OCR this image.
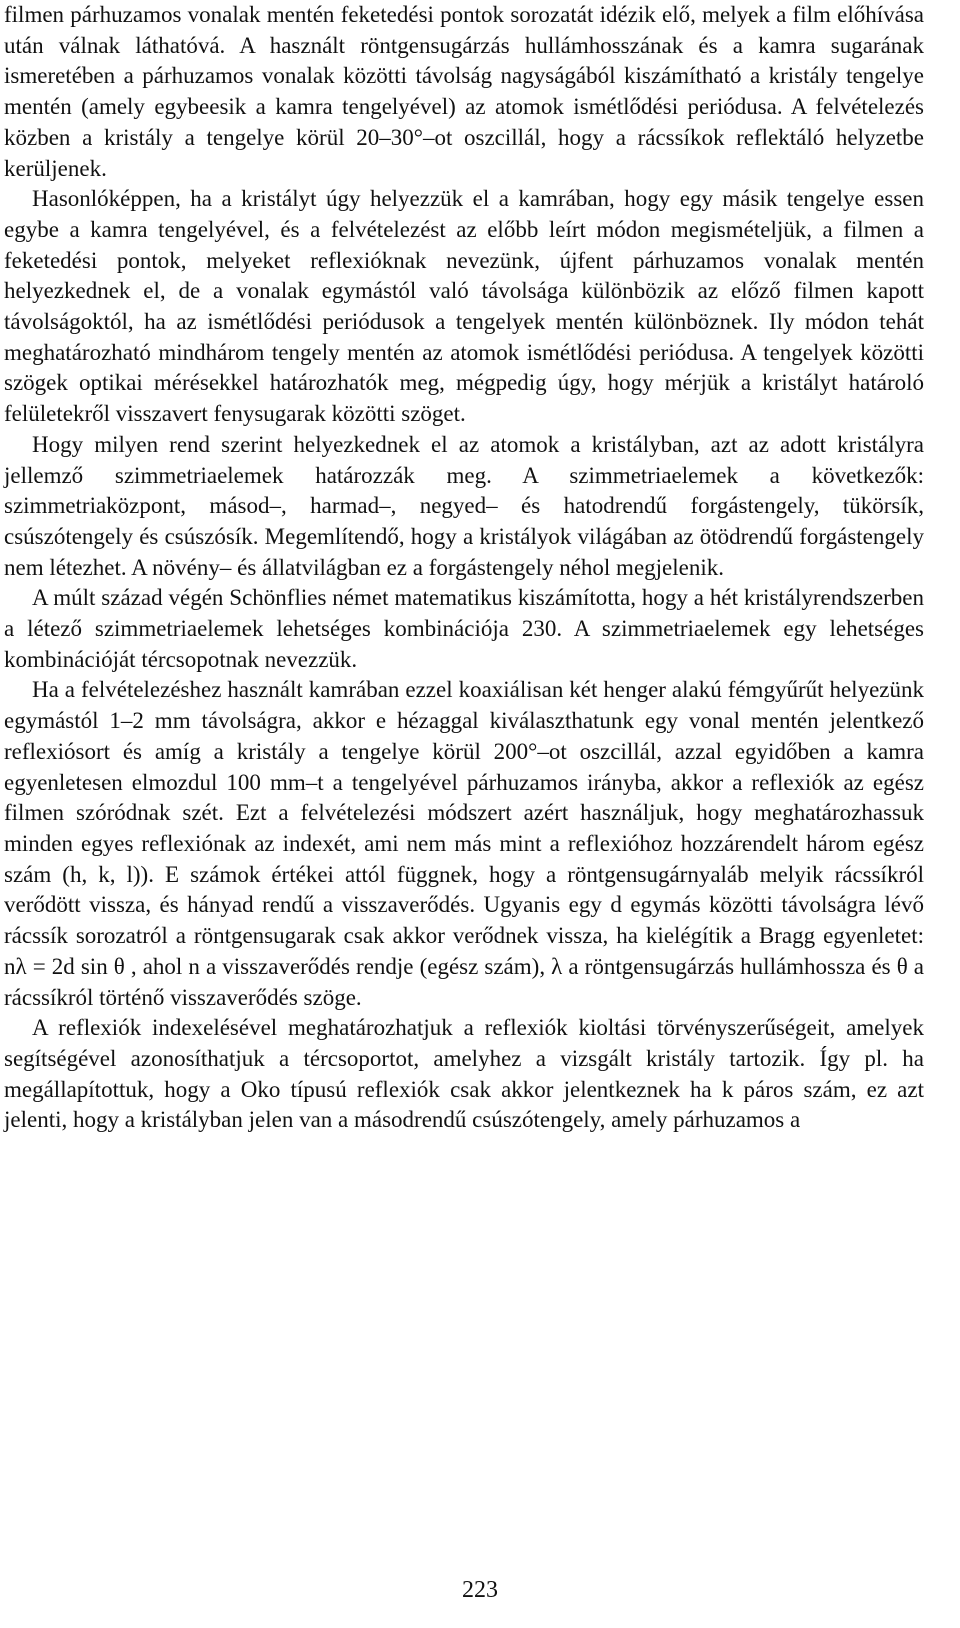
filmen párhuzamos vonalak mentén feketedési pontok sorozatát idézik elő, melyek a film előhívása után válnak láthatóvá. A használt röntgensugárzás hullámhosszának és a kamra sugarának ismeretében a párhuzamos vonalak közötti távolság nagyságából kiszámítható a kristály tengelye mentén (amely egybeesik a kamra tengelyével) az atomok ismétlődési periódusa. A felvételezés közben a kristály a tengelye körül 20–30°–ot oszcillál, hogy a rácssíkok reflektáló helyzetbe kerüljenek.

Hasonlóképpen, ha a kristályt úgy helyezzük el a kamrában, hogy egy másik tengelye essen egybe a kamra tengelyével, és a felvételezést az előbb leírt módon megismételjük, a filmen a feketedési pontok, melyeket reflexióknak nevezünk, újfent párhuzamos vonalak mentén helyezkednek el, de a vonalak egymástól való távolsága különbözik az előző filmen kapott távolságoktól, ha az ismétlődési periódusok a tengelyek mentén különböznek. Ily módon tehát meghatározható mindhárom tengely mentén az atomok ismétlődési periódusa. A tengelyek közötti szögek optikai mérésekkel határozhatók meg, mégpedig úgy, hogy mérjük a kristályt határoló felületekről visszavert fenysugarak közötti szöget.

Hogy milyen rend szerint helyezkednek el az atomok a kristályban, azt az adott kristályra jellemző szimmetriaelemek határozzák meg. A szimmetriaelemek a következők: szimmetriaközpont, másod–, harmad–, negyed– és hatodrendű forgástengely, tükörsík, csúszótengely és csúszósík. Megemlítendő, hogy a kristályok világában az ötödrendű forgástengely nem létezhet. A növény– és állatvilágban ez a forgástengely néhol megjelenik.

A múlt század végén Schönflies német matematikus kiszámította, hogy a hét kristályrendszerben a létező szimmetriaelemek lehetséges kombinációja 230. A szimmetriaelemek egy lehetséges kombinációját tércsopotnak nevezzük.

Ha a felvételezéshez használt kamrában ezzel koaxiálisan két henger alakú fémgyűrűt helyezünk egymástól 1–2 mm távolságra, akkor e hézaggal kiválaszthatunk egy vonal mentén jelentkező reflexiósort és amíg a kristály a tengelye körül 200°–ot oszcillál, azzal egyidőben a kamra egyenletesen elmozdul 100 mm–t a tengelyével párhuzamos irányba, akkor a reflexiók az egész filmen szóródnak szét. Ezt a felvételezési módszert azért használjuk, hogy meghatározhassuk minden egyes reflexiónak az indexét, ami nem más mint a reflexióhoz hozzárendelt három egész szám (h, k, l)). E számok értékei attól függnek, hogy a röntgensugárnyaláb melyik rácssíkról verődött vissza, és hányad rendű a visszaverődés. Ugyanis egy d egymás közötti távolságra lévő rácssík sorozatról a röntgensugarak csak akkor verődnek vissza, ha kielégítik a Bragg egyenletet: nλ = 2d sin θ , ahol n a visszaverődés rendje (egész szám), λ a röntgensugárzás hullámhossza és θ a rácssíkról történő visszaverődés szöge.

A reflexiók indexelésével meghatározhatjuk a reflexiók kioltási törvényszerűségeit, amelyek segítségével azonosíthatjuk a tércsoportot, amelyhez a vizsgált kristály tartozik. Így pl. ha megállapítottuk, hogy a Oko típusú reflexiók csak akkor jelentkeznek ha k páros szám, ez azt jelenti, hogy a kristályban jelen van a másodrendű csúszótengely, amely párhuzamos a

223
